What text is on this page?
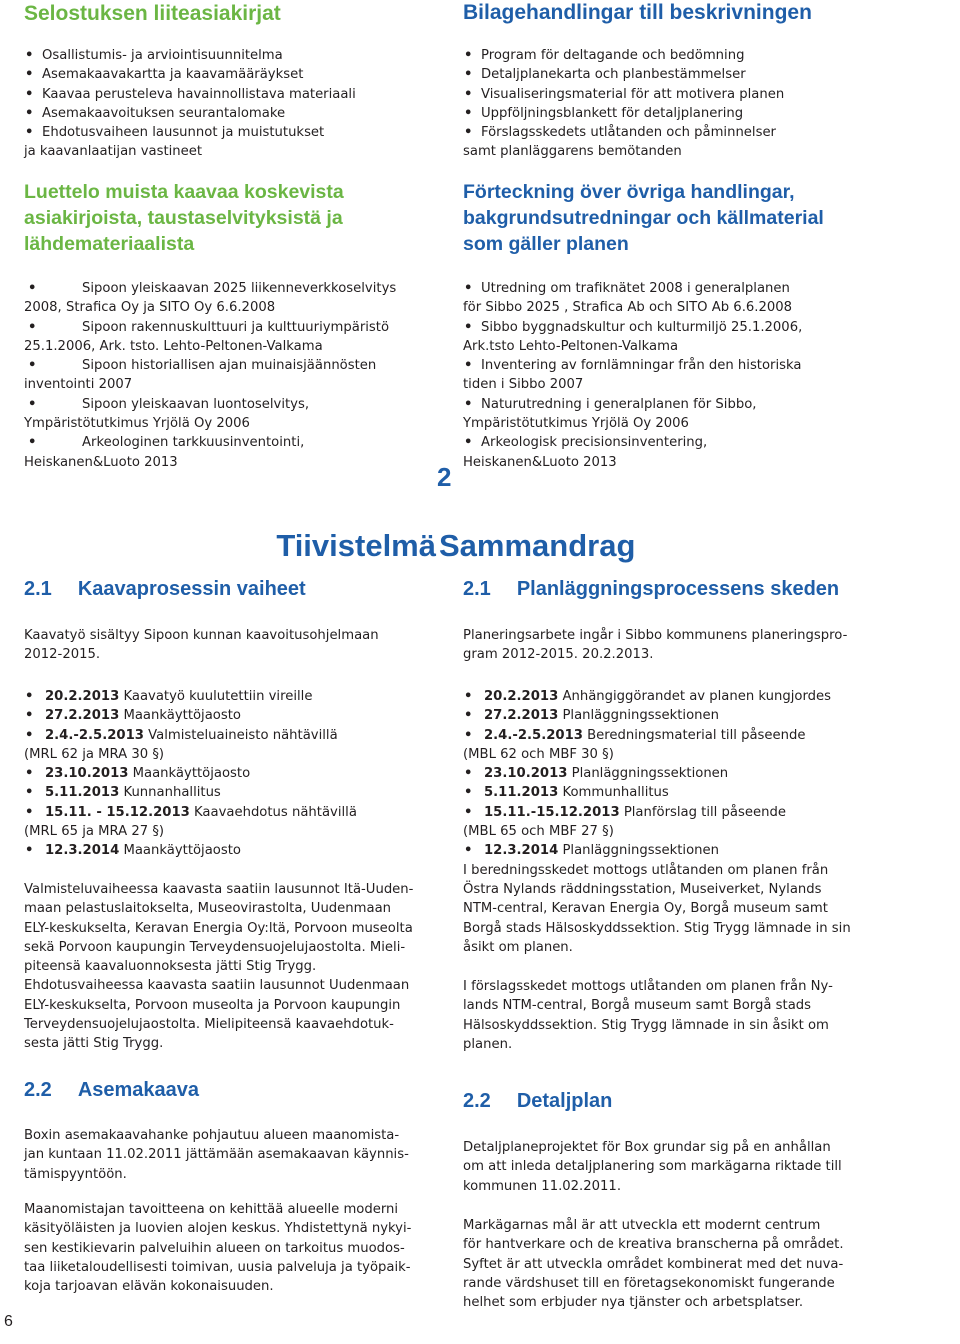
Selostuksen liiteasiakirjat
• Osallistumis- ja arviointisuunnitelma
• Asemakaavakartta ja kaavamääräykset
• Kaavaa perusteleva havainnollistava materiaali
• Asemakaavoituksen seurantalomake
• Ehdotusvaiheen lausunnot ja muistutukset
ja kaavanlaatijan vastineet
Luettelo muista kaavaa koskevista
asiakirjoista, taustaselvityksistä ja
lähdemateriaalista
• Sipoon yleiskaavan 2025 liikenneverkkoselvitys
2008, Strafica Oy ja SITO Oy 6.6.2008
• Sipoon rakennuskulttuuri ja kulttuuriympäristö
25.1.2006, Ark. tsto. Lehto-Peltonen-Valkama
• Sipoon historiallisen ajan muinaisjäännösten
inventointi 2007
• Sipoon yleiskaavan luontoselvitys,
Ympäristötutkimus Yrjölä Oy 2006
• Arkeologinen tarkkuusinventointi,
Heiskanen&Luoto 2013
Tiivistelmä
2.1 Kaavaprosessin vaiheet

Kaavatyö sisältyy Sipoon kunnan kaavoitusohjelmaan

2012-2015.

• 20.2.2013 Kaavatyö kuulutettiin vireille
• 27.2.2013 Maankäyttöjaosto
• 2.4.-2.5.2013 Valmisteluaineisto nähtävillä
(MRL 62 ja MRA 30 §)
• 23.10.2013 Maankäyttöjaosto
• 5.11.2013 Kunnanhallitus
• 15.11. - 15.12.2013 Kaavaehdotus nähtävillä
(MRL 65 ja MRA 27 §)
• 12.3.2014 Maankäyttöjaosto

Valmisteluvaiheessa kaavasta saatiin lausunnot Itä-Uuden-

maan pelastuslaitokselta, Museovirastolta, Uudenmaan

ELY-keskukselta, Keravan Energia Oy:ltä, Porvoon museolta

sekä Porvoon kaupungin Terveydensuojelujaostolta. Mieli-

piteensä kaavaluonnoksesta jätti Stig Trygg.

Ehdotusvaiheessa kaavasta saatiin lausunnot Uudenmaan

ELY-keskukselta, Porvoon museolta ja Porvoon kaupungin

Terveydensuojelujaostolta. Mielipiteensä kaavaehdotuk-

sesta jätti Stig Trygg.

2.2 Asemakaava

Boxin asemakaavahanke pohjautuu alueen maanomista-

jan kuntaan 11.02.2011 jättämään asemakaavan käynnis-

tämispyyntöön.

Maanomistajan tavoitteena on kehittää alueelle moderni

käsityöläisten ja luovien alojen keskus. Yhdistettynä nykyi-

sen kestikievarin palveluihin alueen on tarkoitus muodos-

taa liiketaloudellisesti toimivan, uusia palveluja ja työpaik-

koja tarjoavan elävän kokonaisuuden.

Bilagehandlingar till beskrivningen
• Program för deltagande och bedömning
• Detaljplanekarta och planbestämmelser
• Visualiseringsmaterial för att motivera planen
• Uppföljningsblankett för detaljplanering
• Förslagsskedets utlåtanden och påminnelser
samt planläggarens bemötanden
Förteckning över övriga handlingar,
bakgrundsutredningar och källmaterial
som gäller planen
• Utredning om trafiknätet 2008 i generalplanen
för Sibbo 2025 , Strafica Ab och SITO Ab 6.6.2008
• Sibbo byggnadskultur och kulturmiljö 25.1.2006,
Ark.tsto Lehto-Peltonen-Valkama
• Inventering av fornlämningar från den historiska
tiden i Sibbo 2007
• Naturutredning i generalplanen för Sibbo,
Ympäristötutkimus Yrjölä Oy 2006
• Arkeologisk precisionsinventering,
Heiskanen&Luoto 2013
Sammandrag
2.1 Planläggningsprocessens skeden

Planeringsarbete ingår i Sibbo kommunens planeringspro-

gram 2012-2015. 20.2.2013.

• 20.2.2013 Anhängiggörandet av planen kungjordes
• 27.2.2013 Planläggningssektionen
• 2.4.-2.5.2013 Beredningsmaterial till påseende
(MBL 62 och MBF 30 §)
• 23.10.2013 Planläggningssektionen
• 5.11.2013 Kommunhallitus
• 15.11.-15.12.2013 Planförslag till påseende
(MBL 65 och MBF 27 §)
• 12.3.2014 Planläggningssektionen
I beredningsskedet mottogs utlåtanden om planen från
Östra Nylands räddningsstation, Museiverket, Nylands
NTM-central, Keravan Energia Oy, Borgå museum samt
Borgå stads Hälsoskyddssektion. Stig Trygg lämnade in sin
åsikt om planen.

I förslagsskedet mottogs utlåtanden om planen från Ny-

lands NTM-central, Borgå museum samt Borgå stads

Hälsoskyddssektion. Stig Trygg lämnade in sin åsikt om

planen.

2.2 Detaljplan

Detaljplaneprojektet för Box grundar sig på en anhållan

om att inleda detaljplanering som markägarna riktade till

kommunen 11.02.2011.

Markägarnas mål är att utveckla ett modernt centrum

för hantverkare och de kreativa branscherna på området.

Syftet är att utveckla området kombinerat med det nuva-

rande värdshuset till en företagsekonomiskt fungerande

helhet som erbjuder nya tjänster och arbetsplatser.

2
6
